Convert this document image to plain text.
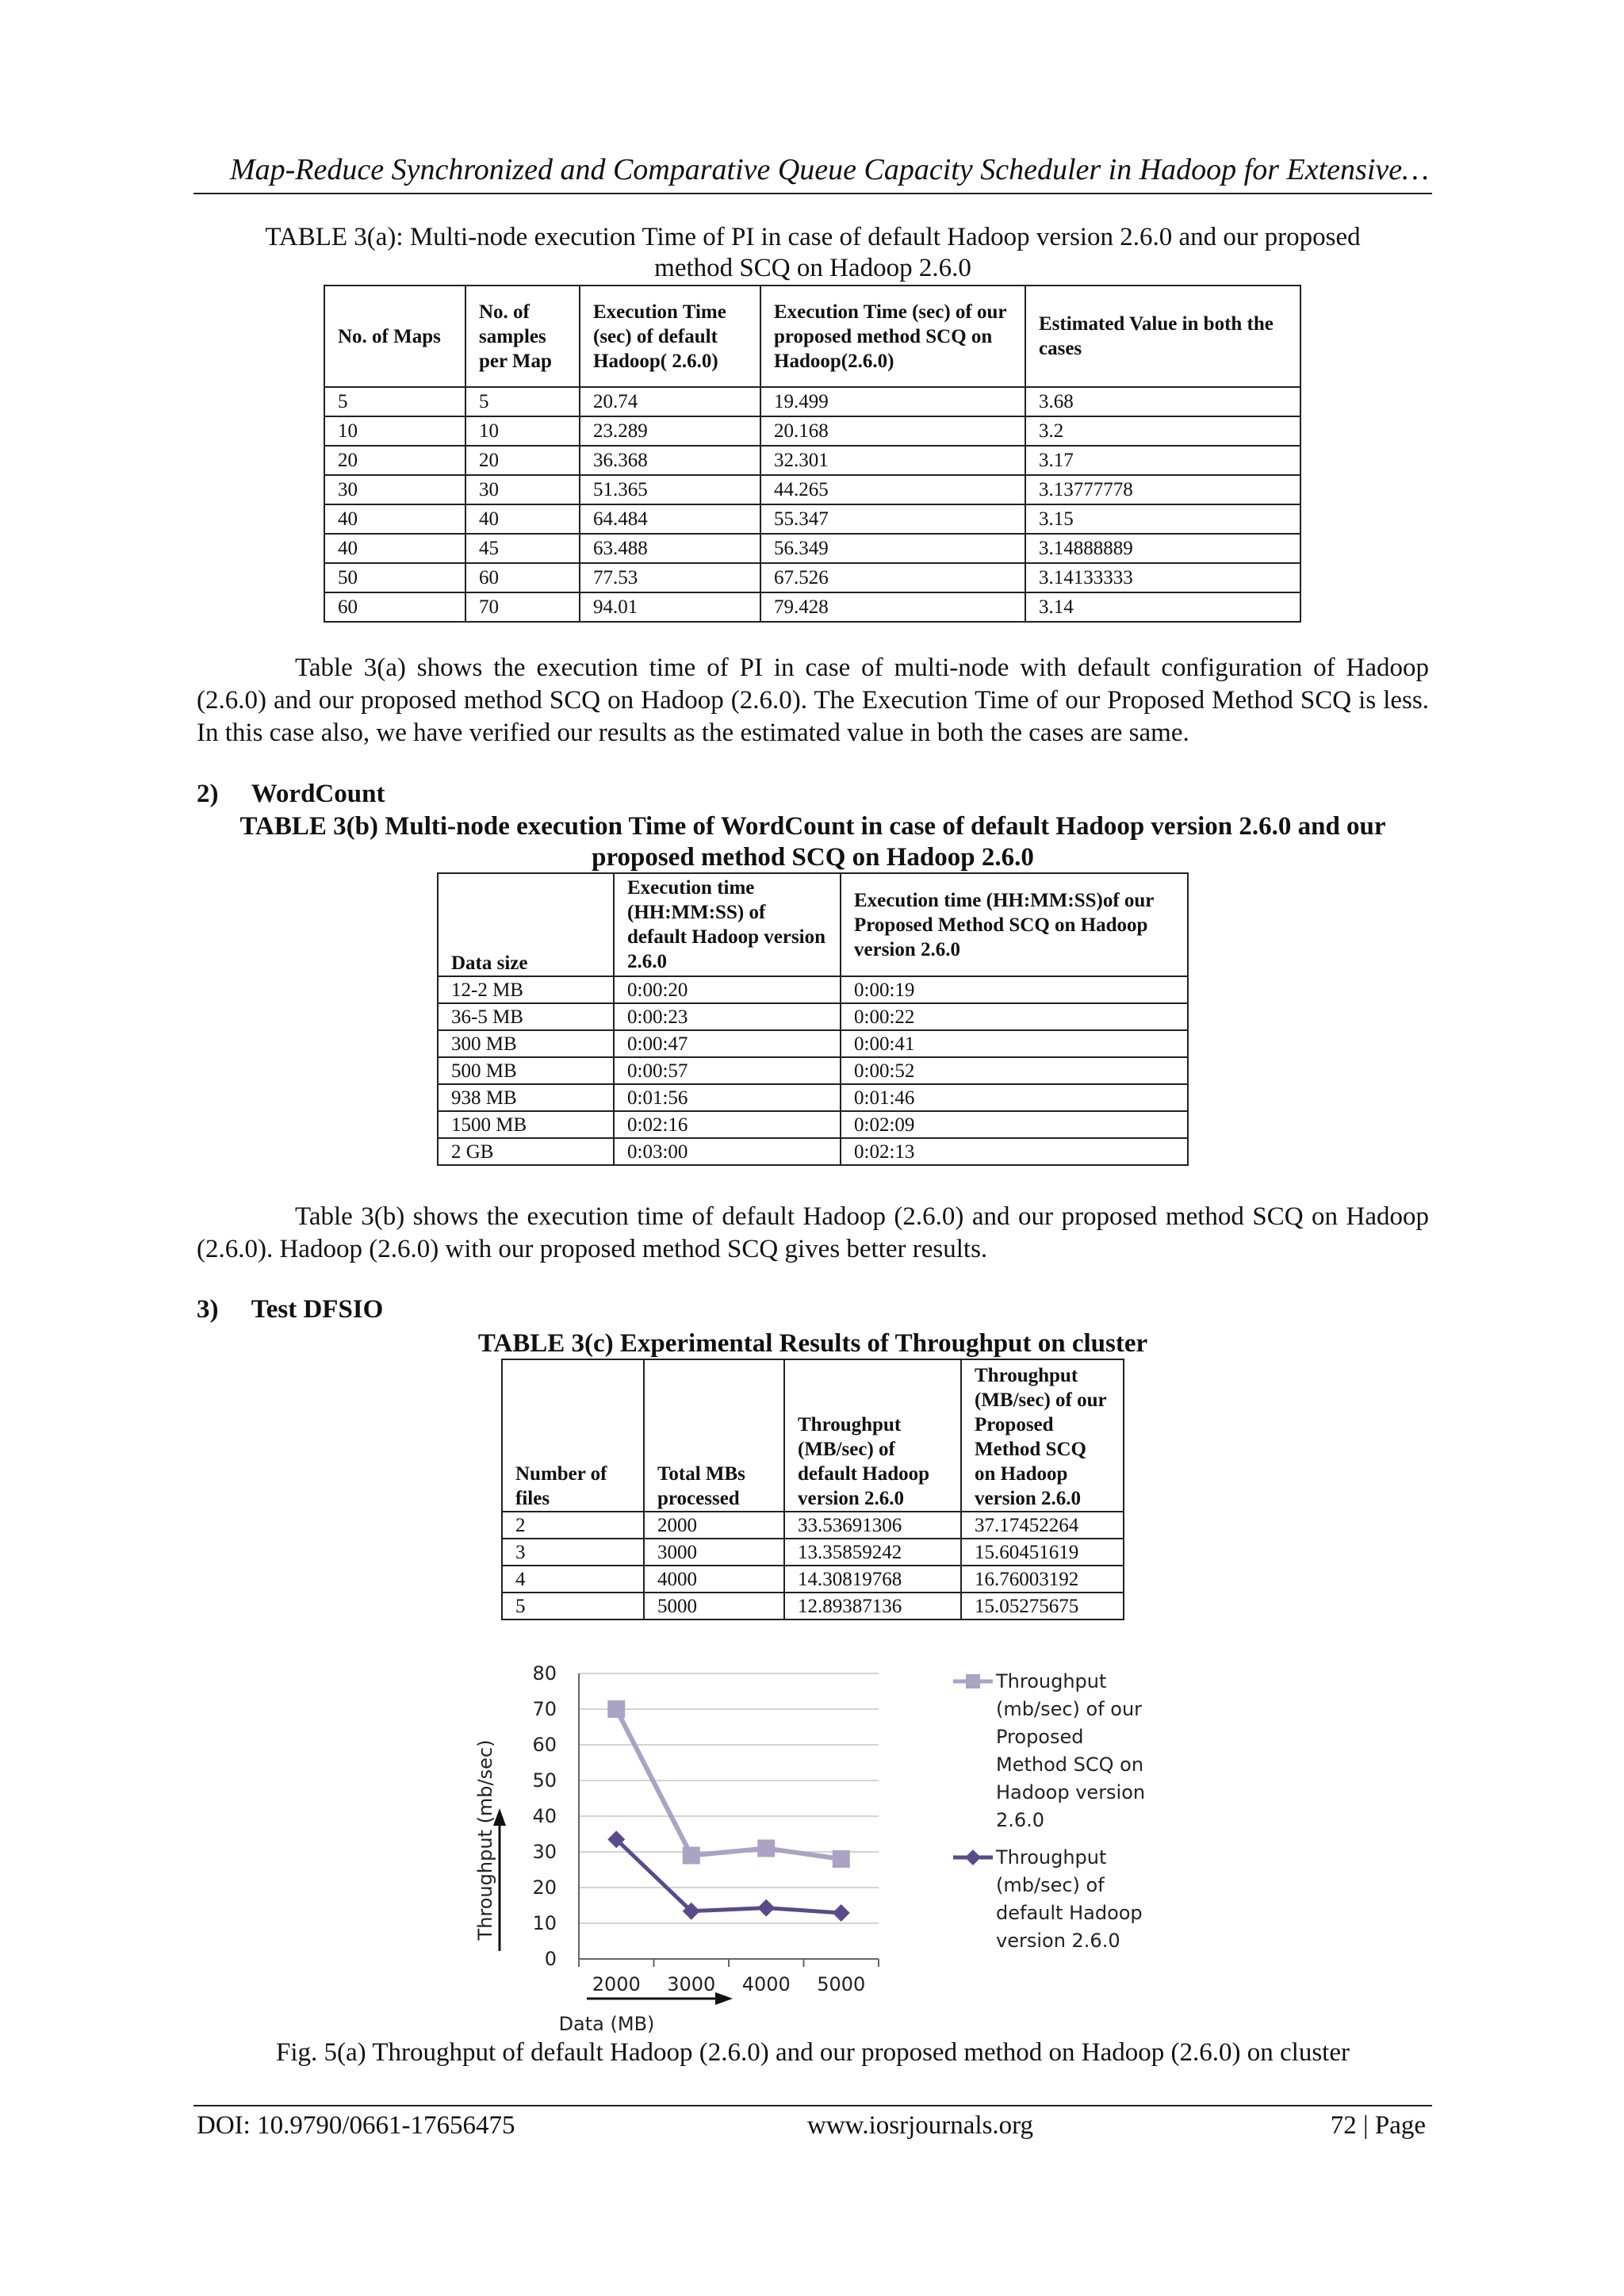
Map-Reduce Synchronized and Comparative Queue Capacity Scheduler in Hadoop for Extensive…
TABLE 3(a): Multi-node execution Time of PI in case of default Hadoop version 2.6.0 and our proposed
method SCQ on Hadoop 2.6.0
No. of Maps	No. of samples per Map	Execution Time (sec) of default Hadoop( 2.6.0)	Execution Time (sec) of our proposed method SCQ on Hadoop(2.6.0)	Estimated Value in both the cases
5	5	20.74	19.499	3.68
10	10	23.289	20.168	3.2
20	20	36.368	32.301	3.17
30	30	51.365	44.265	3.13777778
40	40	64.484	55.347	3.15
40	45	63.488	56.349	3.14888889
50	60	77.53	67.526	3.14133333
60	70	94.01	79.428	3.14
Table 3(a) shows the execution time of PI in case of multi-node with default configuration of Hadoop (2.6.0) and our proposed method SCQ on Hadoop (2.6.0). The Execution Time of our Proposed Method SCQ is less. In this case also, we have verified our results as the estimated value in both the cases are same.
2)     WordCount
TABLE 3(b) Multi-node execution Time of WordCount in case of default Hadoop version 2.6.0 and our
proposed method SCQ on Hadoop 2.6.0
Data size	Execution time (HH:MM:SS) of default Hadoop version 2.6.0	Execution time (HH:MM:SS)of our Proposed Method SCQ on Hadoop version 2.6.0
12-2 MB	0:00:20	0:00:19
36-5 MB	0:00:23	0:00:22
300 MB	0:00:47	0:00:41
500 MB	0:00:57	0:00:52
938 MB	0:01:56	0:01:46
1500 MB	0:02:16	0:02:09
2 GB	0:03:00	0:02:13
Table 3(b) shows the execution time of default Hadoop (2.6.0) and our proposed method SCQ on Hadoop (2.6.0). Hadoop (2.6.0) with our proposed method SCQ gives better results.
3)     Test DFSIO
TABLE 3(c) Experimental Results of Throughput on cluster
Number of files	Total MBs processed	Throughput (MB/sec) of default Hadoop version 2.6.0	Throughput (MB/sec) of our Proposed Method SCQ on Hadoop version 2.6.0
2	2000	33.53691306	37.17452264
3	3000	13.35859242	15.60451619
4	4000	14.30819768	16.76003192
5	5000	12.89387136	15.05275675
0
10
20
30
40
50
60
70
80
2000 3000 4000 5000
Throughput (mb/sec)
Data (MB)
Throughput
(mb/sec) of our
Proposed
Method SCQ on
Hadoop version
2.6.0
Throughput
(mb/sec) of
default Hadoop
version 2.6.0
Fig. 5(a) Throughput of default Hadoop (2.6.0) and our proposed method on Hadoop (2.6.0) on cluster
DOI: 10.9790/0661-17656475	www.iosrjournals.org	72 | Page
